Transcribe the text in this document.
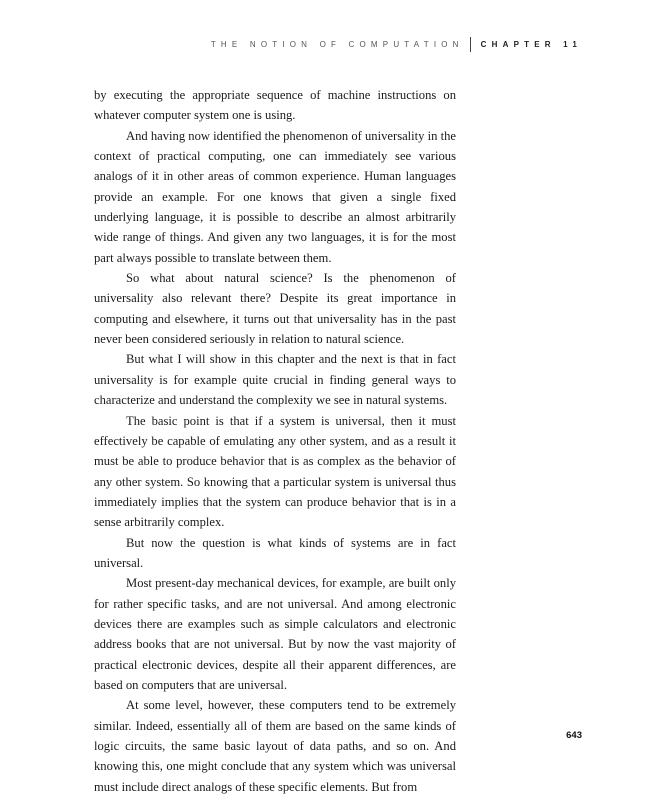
THE NOTION OF COMPUTATION CHAPTER 11

by executing the appropriate sequence of machine instructions on whatever computer system one is using.

And having now identified the phenomenon of universality in the context of practical computing, one can immediately see various analogs of it in other areas of common experience. Human languages provide an example. For one knows that given a single fixed underlying language, it is possible to describe an almost arbitrarily wide range of things. And given any two languages, it is for the most part always possible to translate between them.

So what about natural science? Is the phenomenon of universality also relevant there? Despite its great importance in computing and elsewhere, it turns out that universality has in the past never been considered seriously in relation to natural science.

But what I will show in this chapter and the next is that in fact universality is for example quite crucial in finding general ways to characterize and understand the complexity we see in natural systems.

The basic point is that if a system is universal, then it must effectively be capable of emulating any other system, and as a result it must be able to produce behavior that is as complex as the behavior of any other system. So knowing that a particular system is universal thus immediately implies that the system can produce behavior that is in a sense arbitrarily complex.

But now the question is what kinds of systems are in fact universal.

Most present-day mechanical devices, for example, are built only for rather specific tasks, and are not universal. And among electronic devices there are examples such as simple calculators and electronic address books that are not universal. But by now the vast majority of practical electronic devices, despite all their apparent differences, are based on computers that are universal.

At some level, however, these computers tend to be extremely similar. Indeed, essentially all of them are based on the same kinds of logic circuits, the same basic layout of data paths, and so on. And knowing this, one might conclude that any system which was universal must include direct analogs of these specific elements. But from

643
